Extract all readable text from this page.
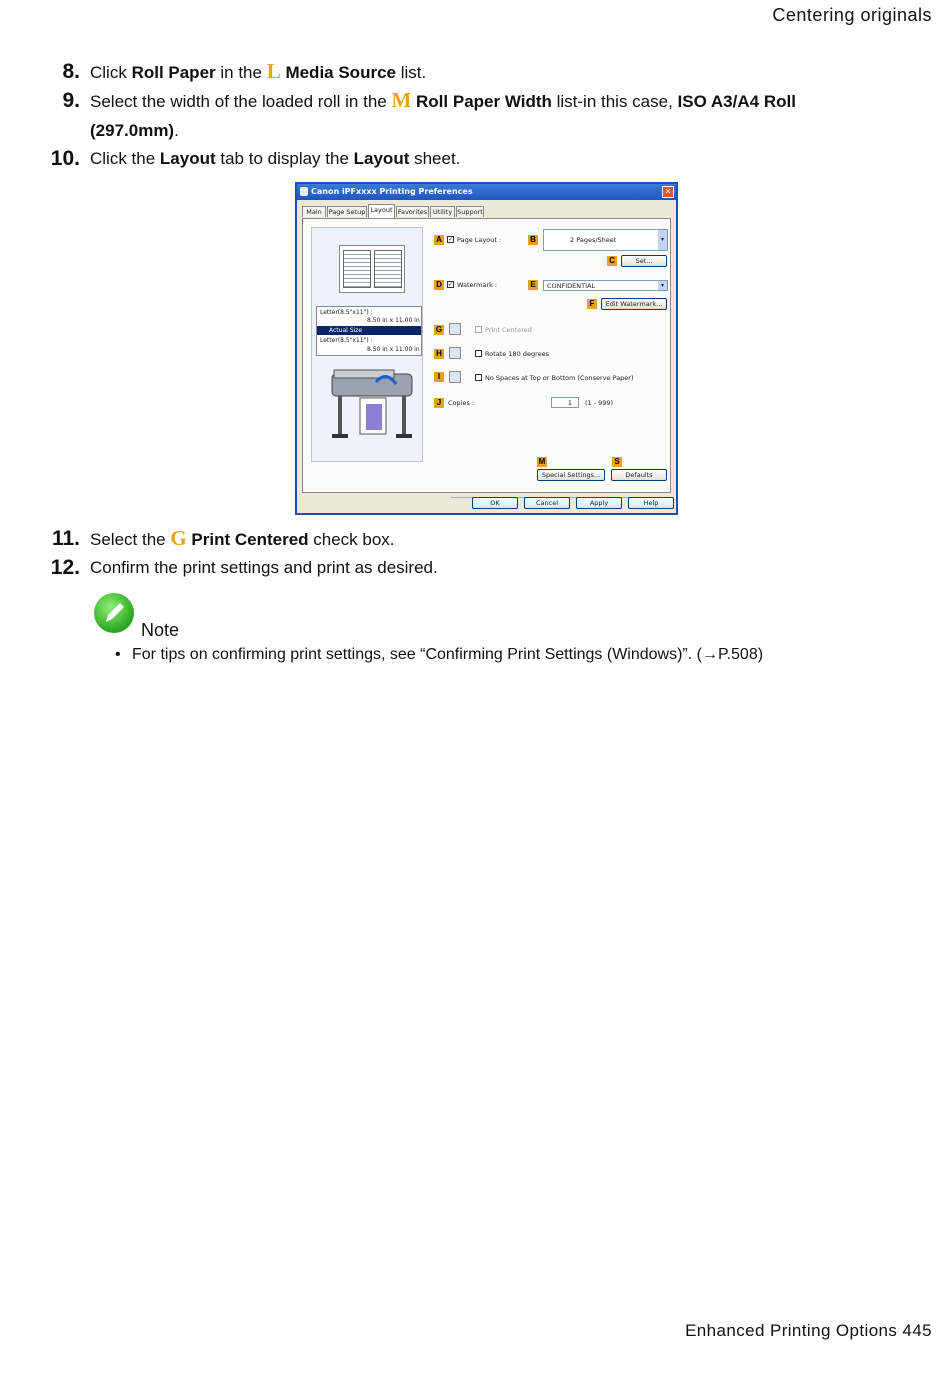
Centering originals
8. Click Roll Paper in the L Media Source list.
9. Select the width of the loaded roll in the M Roll Paper Width list-in this case, ISO A3/A4 Roll
(297.0mm).
10. Click the Layout tab to display the Layout sheet.
Canon iPFxxxx Printing Preferences	✕
Main	Page Setup Layout Favorites Utility Support
Letter(8.5"x11") :
8.50 in x 11.00 in
Actual Size
Letter(8.5"x11") :
8.50 in x 11.00 in
A	✓ Page Layout :	B	2 Pages/Sheet	▾
C	Set...
D	✓ Watermark :	E	CONFIDENTIAL	▾
F	Edit Watermark...
G	Print Centered
H	Rotate 180 degrees
I	No Spaces at Top or Bottom (Conserve Paper)
J	Copies :	1	(1 - 999)
M	S
Special Settings...	Defaults
OK	Cancel	Apply	Help
11. Select the G Print Centered check box.
12. Confirm the print settings and print as desired.
Note
• For tips on confirming print settings, see “Confirming Print Settings (Windows)”. (→P.508)
Enhanced Printing Options 445
